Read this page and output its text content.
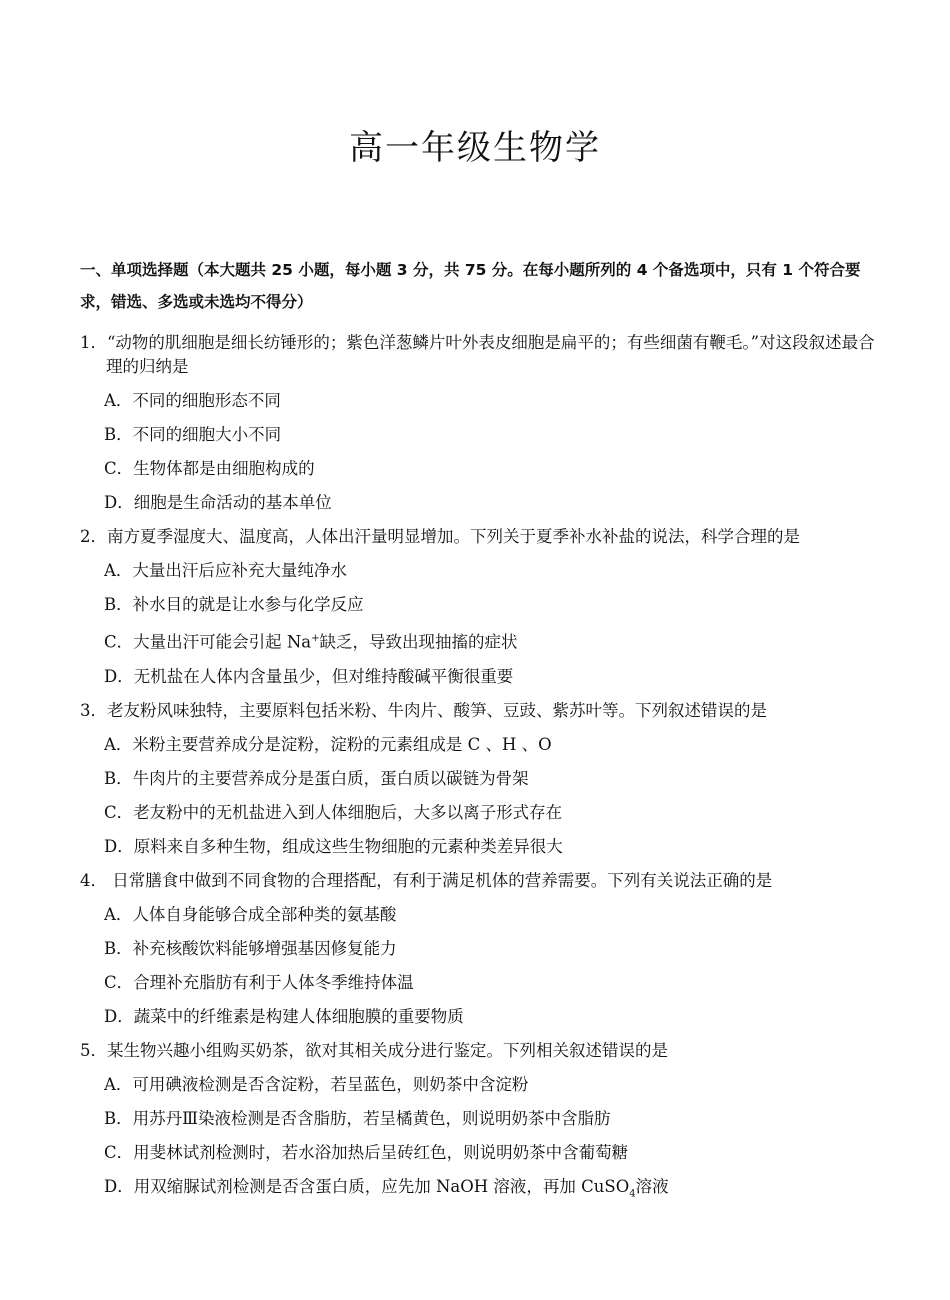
高一年级生物学

一、单项选择题（本大题共 25 小题，每小题 3 分，共 75 分。在每小题所列的 4 个备选项中，只有 1 个符合要求，错选、多选或未选均不得分）

1．“动物的肌细胞是细长纺锤形的；紫色洋葱鳞片叶外表皮细胞是扁平的；有些细菌有鞭毛。”对这段叙述最合理的归纳是

A．不同的细胞形态不同

B．不同的细胞大小不同

C．生物体都是由细胞构成的

D．细胞是生命活动的基本单位

2．南方夏季湿度大、温度高，人体出汗量明显增加。下列关于夏季补水补盐的说法，科学合理的是

A．大量出汗后应补充大量纯净水

B．补水目的就是让水参与化学反应

C．大量出汗可能会引起 Na+缺乏，导致出现抽搐的症状

D．无机盐在人体内含量虽少，但对维持酸碱平衡很重要

3．老友粉风味独特，主要原料包括米粉、牛肉片、酸笋、豆豉、紫苏叶等。下列叙述错误的是

A．米粉主要营养成分是淀粉，淀粉的元素组成是 C 、H 、O

B．牛肉片的主要营养成分是蛋白质，蛋白质以碳链为骨架

C．老友粉中的无机盐进入到人体细胞后，大多以离子形式存在

D．原料来自多种生物，组成这些生物细胞的元素种类差异很大

4． 日常膳食中做到不同食物的合理搭配，有利于满足机体的营养需要。下列有关说法正确的是

A．人体自身能够合成全部种类的氨基酸

B．补充核酸饮料能够增强基因修复能力

C．合理补充脂肪有利于人体冬季维持体温

D．蔬菜中的纤维素是构建人体细胞膜的重要物质

5．某生物兴趣小组购买奶茶，欲对其相关成分进行鉴定。下列相关叙述错误的是

A．可用碘液检测是否含淀粉，若呈蓝色，则奶茶中含淀粉

B．用苏丹Ⅲ染液检测是否含脂肪，若呈橘黄色，则说明奶茶中含脂肪

C．用斐林试剂检测时，若水浴加热后呈砖红色，则说明奶茶中含葡萄糖

D．用双缩脲试剂检测是否含蛋白质，应先加 NaOH 溶液，再加 CuSO$_4$溶液
